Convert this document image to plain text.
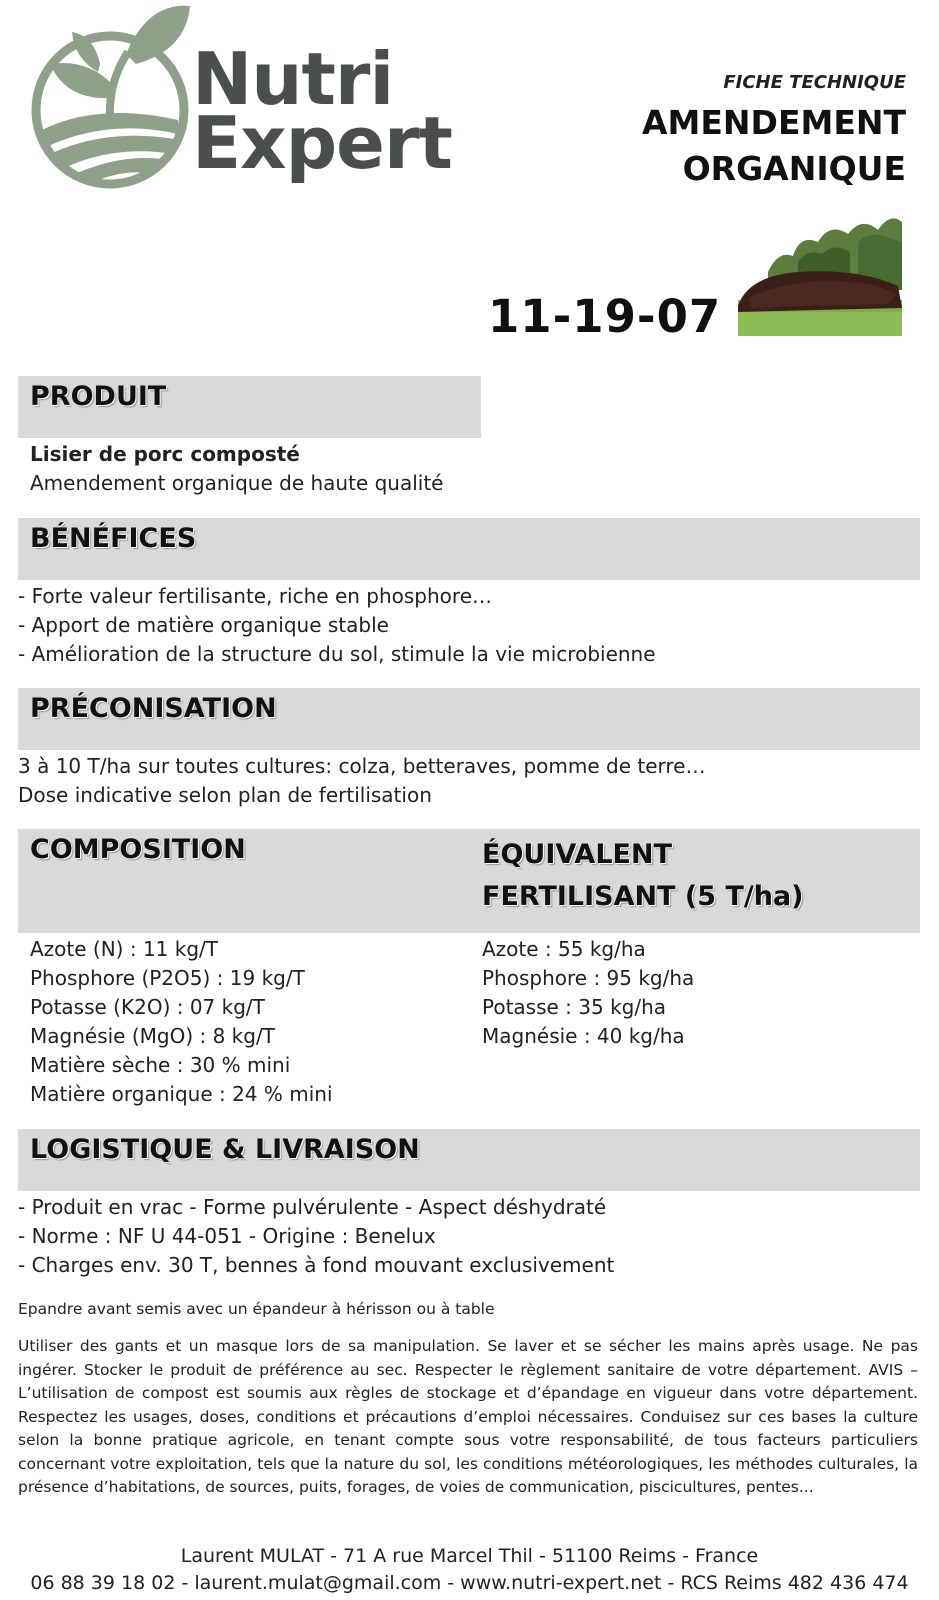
Nutri
Expert
FICHE TECHNIQUE
AMENDEMENT
ORGANIQUE
11-19-07
PRODUIT
Lisier de porc composté
Amendement organique de haute qualité
BÉNÉFICES
- Forte valeur fertilisante, riche en phosphore…
- Apport de matière organique stable
- Amélioration de la structure du sol, stimule la vie microbienne
PRÉCONISATION
3 à 10 T/ha sur toutes cultures: colza, betteraves, pomme de terre…
Dose indicative selon plan de fertilisation
COMPOSITION	ÉQUIVALENT
FERTILISANT (5 T/ha)
Azote (N) : 11 kg/T
Phosphore (P2O5) : 19 kg/T
Potasse (K2O) : 07 kg/T
Magnésie (MgO) : 8 kg/T
Matière sèche : 30 % mini
Matière organique : 24 % mini
Azote : 55 kg/ha
Phosphore : 95 kg/ha
Potasse : 35 kg/ha
Magnésie : 40 kg/ha
LOGISTIQUE & LIVRAISON
- Produit en vrac - Forme pulvérulente - Aspect déshydraté
- Norme : NF U 44-051 - Origine : Benelux
- Charges env. 30 T, bennes à fond mouvant exclusivement
Epandre avant semis avec un épandeur à hérisson ou à table
Utiliser des gants et un masque lors de sa manipulation. Se laver et se sécher les mains après usage. Ne pas ingérer. Stocker le produit de préférence au sec. Respecter le règlement sanitaire de votre département. AVIS – L’utilisation de compost est soumis aux règles de stockage et d’épandage en vigueur dans votre département. Respectez les usages, doses, conditions et précautions d’emploi nécessaires. Conduisez sur ces bases la culture selon la bonne pratique agricole, en tenant compte sous votre responsabilité, de tous facteurs particuliers concernant votre exploitation, tels que la nature du sol, les conditions météorologiques, les méthodes culturales, la présence d’habitations, de sources, puits, forages, de voies de communication, piscicultures, pentes...
Laurent MULAT - 71 A rue Marcel Thil - 51100 Reims - France
06 88 39 18 02 - laurent.mulat@gmail.com - www.nutri-expert.net - RCS Reims 482 436 474
